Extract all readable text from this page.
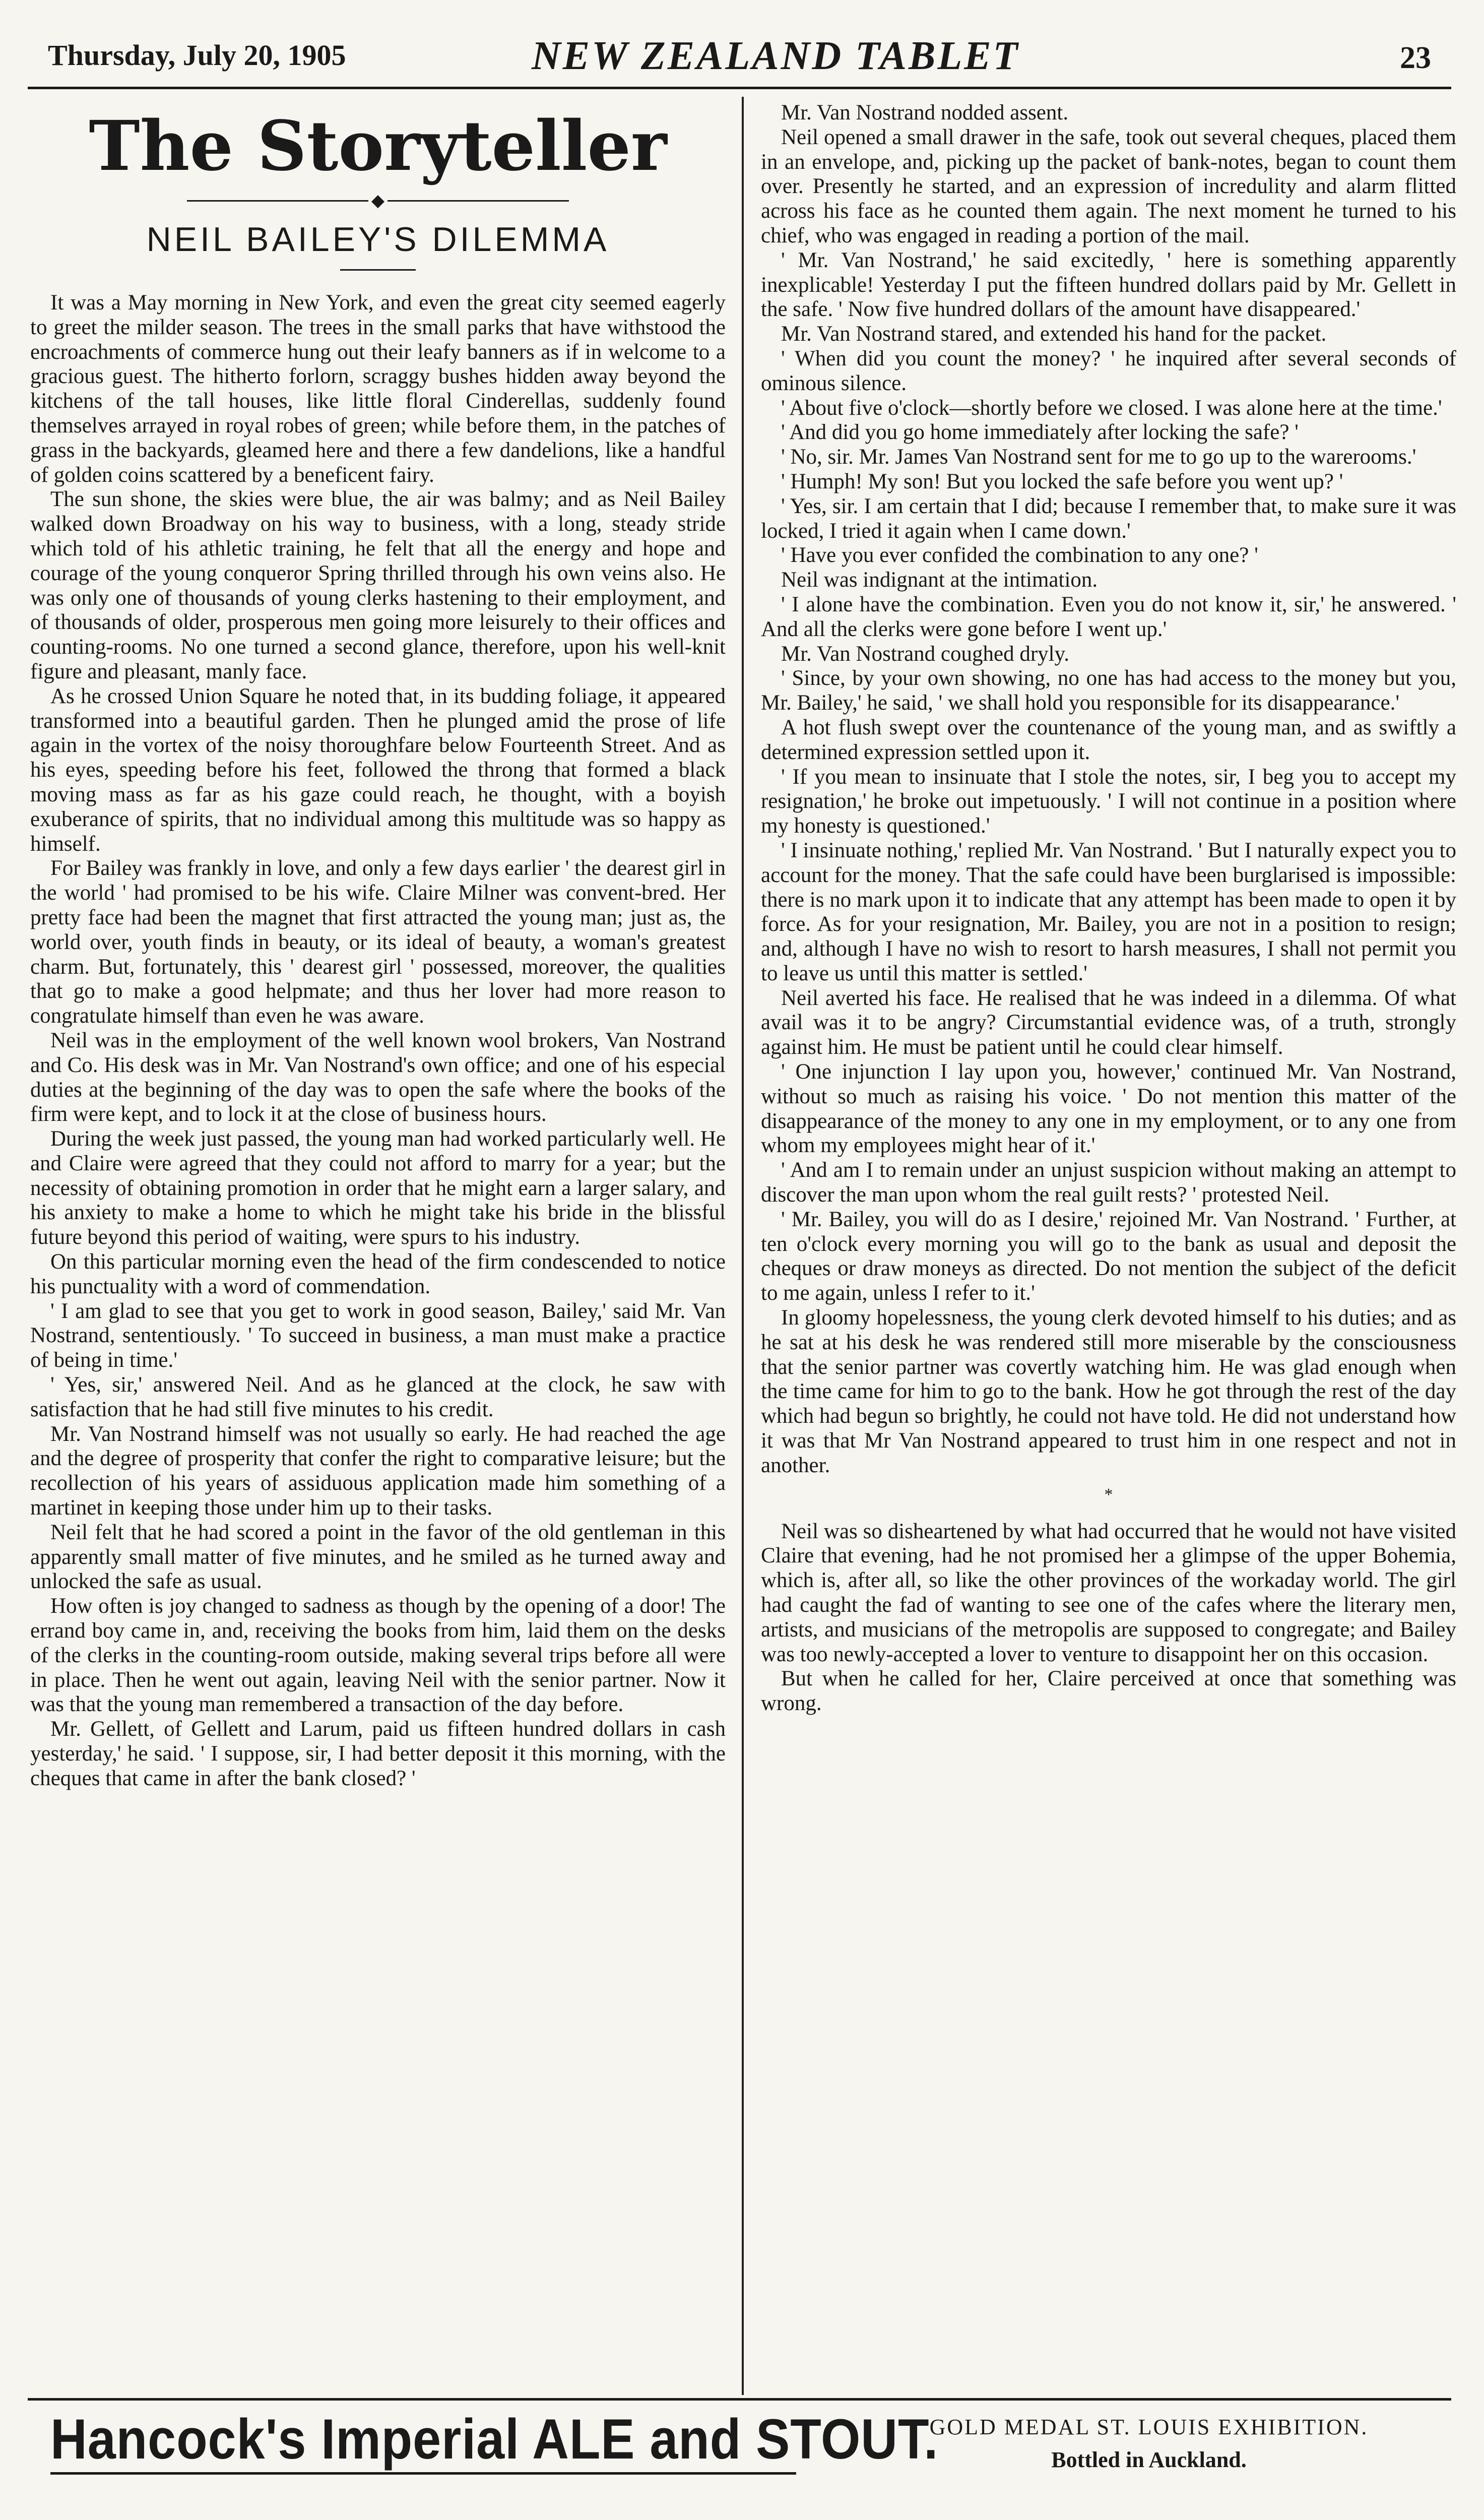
Thursday, July 20, 1905	NEW ZEALAND TABLET	23
The Storyteller
◆
NEIL BAILEY'S DILEMMA

It was a May morning in New York, and even the great city seemed eagerly to greet the milder season. The trees in the small parks that have withstood the encroachments of commerce hung out their leafy banners as if in welcome to a gracious guest. The hitherto forlorn, scraggy bushes hidden away beyond the kitchens of the tall houses, like little floral Cinderellas, suddenly found themselves arrayed in royal robes of green; while before them, in the patches of grass in the backyards, gleamed here and there a few dandelions, like a handful of golden coins scattered by a beneficent fairy.

The sun shone, the skies were blue, the air was balmy; and as Neil Bailey walked down Broadway on his way to business, with a long, steady stride which told of his athletic training, he felt that all the energy and hope and courage of the young conqueror Spring thrilled through his own veins also. He was only one of thousands of young clerks hastening to their employment, and of thousands of older, prosperous men going more leisurely to their offices and counting-rooms. No one turned a second glance, therefore, upon his well-knit figure and pleasant, manly face.

As he crossed Union Square he noted that, in its budding foliage, it appeared transformed into a beautiful garden. Then he plunged amid the prose of life again in the vortex of the noisy thoroughfare below Fourteenth Street. And as his eyes, speeding before his feet, followed the throng that formed a black moving mass as far as his gaze could reach, he thought, with a boyish exuberance of spirits, that no individual among this multitude was so happy as himself.

For Bailey was frankly in love, and only a few days earlier ' the dearest girl in the world ' had promised to be his wife. Claire Milner was convent-bred. Her pretty face had been the magnet that first attracted the young man; just as, the world over, youth finds in beauty, or its ideal of beauty, a woman's greatest charm. But, fortunately, this ' dearest girl ' possessed, moreover, the qualities that go to make a good helpmate; and thus her lover had more reason to congratulate himself than even he was aware.

Neil was in the employment of the well known wool brokers, Van Nostrand and Co. His desk was in Mr. Van Nostrand's own office; and one of his especial duties at the beginning of the day was to open the safe where the books of the firm were kept, and to lock it at the close of business hours.

During the week just passed, the young man had worked particularly well. He and Claire were agreed that they could not afford to marry for a year; but the necessity of obtaining promotion in order that he might earn a larger salary, and his anxiety to make a home to which he might take his bride in the blissful future beyond this period of waiting, were spurs to his industry.

On this particular morning even the head of the firm condescended to notice his punctuality with a word of commendation.

' I am glad to see that you get to work in good season, Bailey,' said Mr. Van Nostrand, sententiously. ' To succeed in business, a man must make a practice of being in time.'

' Yes, sir,' answered Neil. And as he glanced at the clock, he saw with satisfaction that he had still five minutes to his credit.

Mr. Van Nostrand himself was not usually so early. He had reached the age and the degree of prosperity that confer the right to comparative leisure; but the recollection of his years of assiduous application made him something of a martinet in keeping those under him up to their tasks.

Neil felt that he had scored a point in the favor of the old gentleman in this apparently small matter of five minutes, and he smiled as he turned away and unlocked the safe as usual.

How often is joy changed to sadness as though by the opening of a door! The errand boy came in, and, receiving the books from him, laid them on the desks of the clerks in the counting-room outside, making several trips before all were in place. Then he went out again, leaving Neil with the senior partner. Now it was that the young man remembered a transaction of the day before.

Mr. Gellett, of Gellett and Larum, paid us fifteen hundred dollars in cash yesterday,' he said. ' I suppose, sir, I had better deposit it this morning, with the cheques that came in after the bank closed? '

Mr. Van Nostrand nodded assent.

Neil opened a small drawer in the safe, took out several cheques, placed them in an envelope, and, picking up the packet of bank-notes, began to count them over. Presently he started, and an expression of incredulity and alarm flitted across his face as he counted them again. The next moment he turned to his chief, who was engaged in reading a portion of the mail.

' Mr. Van Nostrand,' he said excitedly, ' here is something apparently inexplicable! Yesterday I put the fifteen hundred dollars paid by Mr. Gellett in the safe. ' Now five hundred dollars of the amount have disappeared.'

Mr. Van Nostrand stared, and extended his hand for the packet.

' When did you count the money? ' he inquired after several seconds of ominous silence.

' About five o'clock—shortly before we closed. I was alone here at the time.'

' And did you go home immediately after locking the safe? '

' No, sir. Mr. James Van Nostrand sent for me to go up to the warerooms.'

' Humph! My son! But you locked the safe before you went up? '

' Yes, sir. I am certain that I did; because I remember that, to make sure it was locked, I tried it again when I came down.'

' Have you ever confided the combination to any one? '

Neil was indignant at the intimation.

' I alone have the combination. Even you do not know it, sir,' he answered. ' And all the clerks were gone before I went up.'

Mr. Van Nostrand coughed dryly.

' Since, by your own showing, no one has had access to the money but you, Mr. Bailey,' he said, ' we shall hold you responsible for its disappearance.'

A hot flush swept over the countenance of the young man, and as swiftly a determined expression settled upon it.

' If you mean to insinuate that I stole the notes, sir, I beg you to accept my resignation,' he broke out impetuously. ' I will not continue in a position where my honesty is questioned.'

' I insinuate nothing,' replied Mr. Van Nostrand. ' But I naturally expect you to account for the money. That the safe could have been burglarised is impossible: there is no mark upon it to indicate that any attempt has been made to open it by force. As for your resignation, Mr. Bailey, you are not in a position to resign; and, although I have no wish to resort to harsh measures, I shall not permit you to leave us until this matter is settled.'

Neil averted his face. He realised that he was indeed in a dilemma. Of what avail was it to be angry? Circumstantial evidence was, of a truth, strongly against him. He must be patient until he could clear himself.

' One injunction I lay upon you, however,' continued Mr. Van Nostrand, without so much as raising his voice. ' Do not mention this matter of the disappearance of the money to any one in my employment, or to any one from whom my employees might hear of it.'

' And am I to remain under an unjust suspicion without making an attempt to discover the man upon whom the real guilt rests? ' protested Neil.

' Mr. Bailey, you will do as I desire,' rejoined Mr. Van Nostrand. ' Further, at ten o'clock every morning you will go to the bank as usual and deposit the cheques or draw moneys as directed. Do not mention the subject of the deficit to me again, unless I refer to it.'

In gloomy hopelessness, the young clerk devoted himself to his duties; and as he sat at his desk he was rendered still more miserable by the consciousness that the senior partner was covertly watching him. He was glad enough when the time came for him to go to the bank. How he got through the rest of the day which had begun so brightly, he could not have told. He did not understand how it was that Mr Van Nostrand appeared to trust him in one respect and not in another.

*

Neil was so disheartened by what had occurred that he would not have visited Claire that evening, had he not promised her a glimpse of the upper Bohemia, which is, after all, so like the other provinces of the workaday world. The girl had caught the fad of wanting to see one of the cafes where the literary men, artists, and musicians of the metropolis are supposed to congregate; and Bailey was too newly-accepted a lover to venture to disappoint her on this occasion.

But when he called for her, Claire perceived at once that something was wrong.

Hancock's Imperial ALE and STOUT.
GOLD MEDAL ST. LOUIS EXHIBITION.
Bottled in Auckland.
